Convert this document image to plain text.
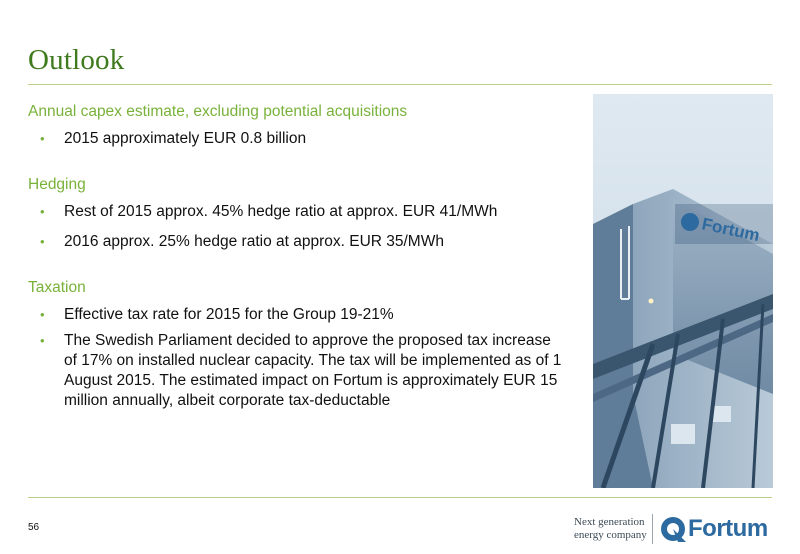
Outlook

Annual capex estimate, excluding potential acquisitions

• 2015 approximately EUR 0.8 billion

Hedging

• Rest of 2015 approx. 45% hedge ratio at approx. EUR 41/MWh
• 2016 approx. 25% hedge ratio at approx. EUR 35/MWh

Taxation

• Effective tax rate for 2015 for the Group 19-21%
• The Swedish Parliament decided to approve the proposed tax increase of 17% on installed nuclear capacity. The tax will be implemented as of 1 August 2015. The estimated impact on Fortum is approximately EUR 15 million annually, albeit corporate tax-deductable
Fortum
56	Next generation
energy company Fortum
